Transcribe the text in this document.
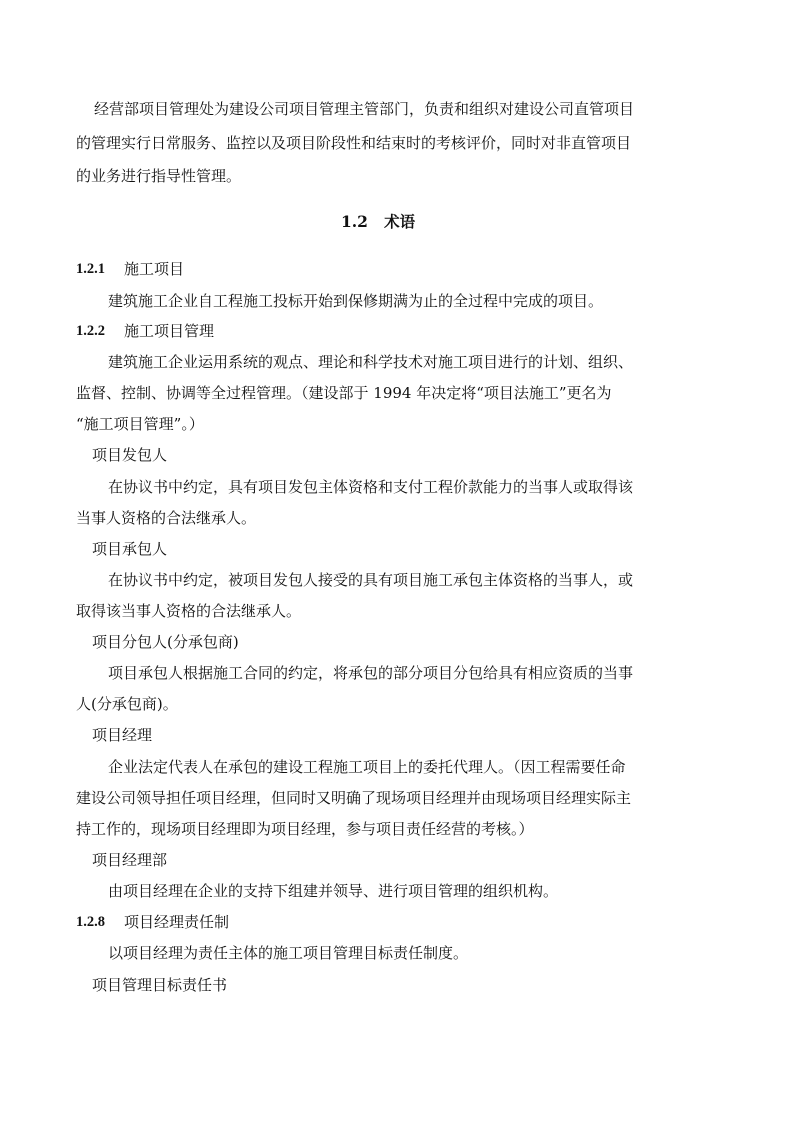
经营部项目管理处为建设公司项目管理主管部门，负责和组织对建设公司直管项目
的管理实行日常服务、监控以及项目阶段性和结束时的考核评价，同时对非直管项目
的业务进行指导性管理。
1.2 术语
1.2.1 施工项目
建筑施工企业自工程施工投标开始到保修期满为止的全过程中完成的项目。
1.2.2 施工项目管理
建筑施工企业运用系统的观点、理论和科学技术对施工项目进行的计划、组织、
监督、控制、协调等全过程管理。（建设部于 1994 年决定将“项目法施工”更名为
“施工项目管理”。）
项目发包人
在协议书中约定，具有项目发包主体资格和支付工程价款能力的当事人或取得该
当事人资格的合法继承人。
项目承包人
在协议书中约定，被项目发包人接受的具有项目施工承包主体资格的当事人，或
取得该当事人资格的合法继承人。
项目分包人(分承包商)
项目承包人根据施工合同的约定，将承包的部分项目分包给具有相应资质的当事
人(分承包商)。
项目经理
企业法定代表人在承包的建设工程施工项目上的委托代理人。（因工程需要任命
建设公司领导担任项目经理，但同时又明确了现场项目经理并由现场项目经理实际主
持工作的，现场项目经理即为项目经理，参与项目责任经营的考核。）
项目经理部
由项目经理在企业的支持下组建并领导、进行项目管理的组织机构。
1.2.8 项目经理责任制
以项目经理为责任主体的施工项目管理目标责任制度。
项目管理目标责任书
